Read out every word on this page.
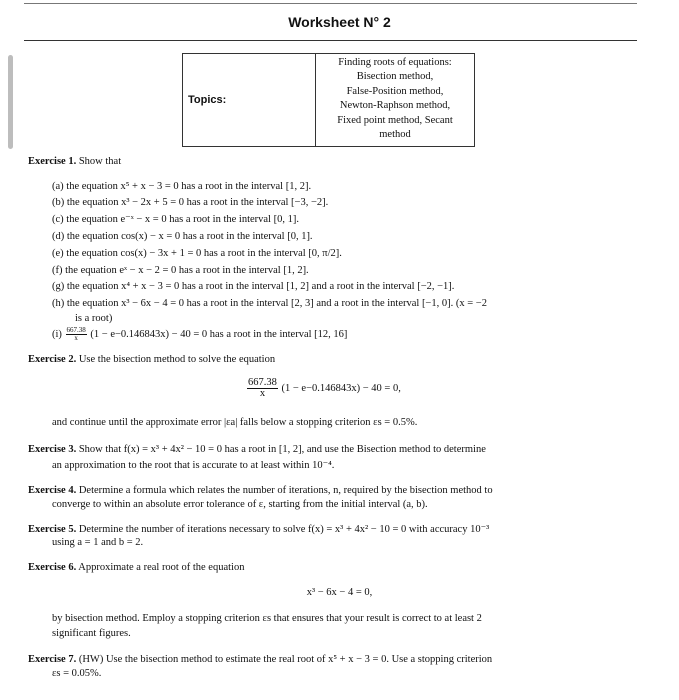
Worksheet N° 2
Topics:	
Finding roots of equations:
Bisection method,
False-Position method,
Newton-Raphson method,
Fixed point method, Secant
method
Exercise 1. Show that
(a) the equation x⁵ + x − 3 = 0 has a root in the interval [1, 2].
(b) the equation x³ − 2x + 5 = 0 has a root in the interval [−3, −2].
(c) the equation e⁻ˣ − x = 0 has a root in the interval [0, 1].
(d) the equation cos(x) − x = 0 has a root in the interval [0, 1].
(e) the equation cos(x) − 3x + 1 = 0 has a root in the interval [0, π/2].
(f) the equation eˣ − x − 2 = 0 has a root in the interval [1, 2].
(g) the equation x⁴ + x − 3 = 0 has a root in the interval [1, 2] and a root in the interval [−2, −1].
(h) the equation x³ − 6x − 4 = 0 has a root in the interval [2, 3] and a root in the interval [−1, 0]. (x = −2
is a root)
$(i) \frac{667.38}{x} (1 - e-0.146843x) - 40 = 0$ has a root in the interval [12, 16]
Exercise 2. Use the bisection method to solve the equation
$\frac{667.38}{x} (1 - e-0.146843x) - 40 = 0$,
and continue until the approximate error |εa| falls below a stopping criterion εs = 0.5%.
Exercise 3. Show that f(x) = x³ + 4x² − 10 = 0 has a root in [1, 2], and use the Bisection method to determine
an approximation to the root that is accurate to at least within 10⁻⁴.
Exercise 4. Determine a formula which relates the number of iterations, n, required by the bisection method to
converge to within an absolute error tolerance of ε, starting from the initial interval (a, b).
Exercise 5. Determine the number of iterations necessary to solve f(x) = x³ + 4x² − 10 = 0 with accuracy 10⁻³
using a = 1 and b = 2.
Exercise 6. Approximate a real root of the equation
x³ − 6x − 4 = 0,
by bisection method. Employ a stopping criterion εs that ensures that your result is correct to at least 2
significant figures.
Exercise 7. (HW) Use the bisection method to estimate the real root of x⁵ + x − 3 = 0. Use a stopping criterion
εs = 0.05%.
